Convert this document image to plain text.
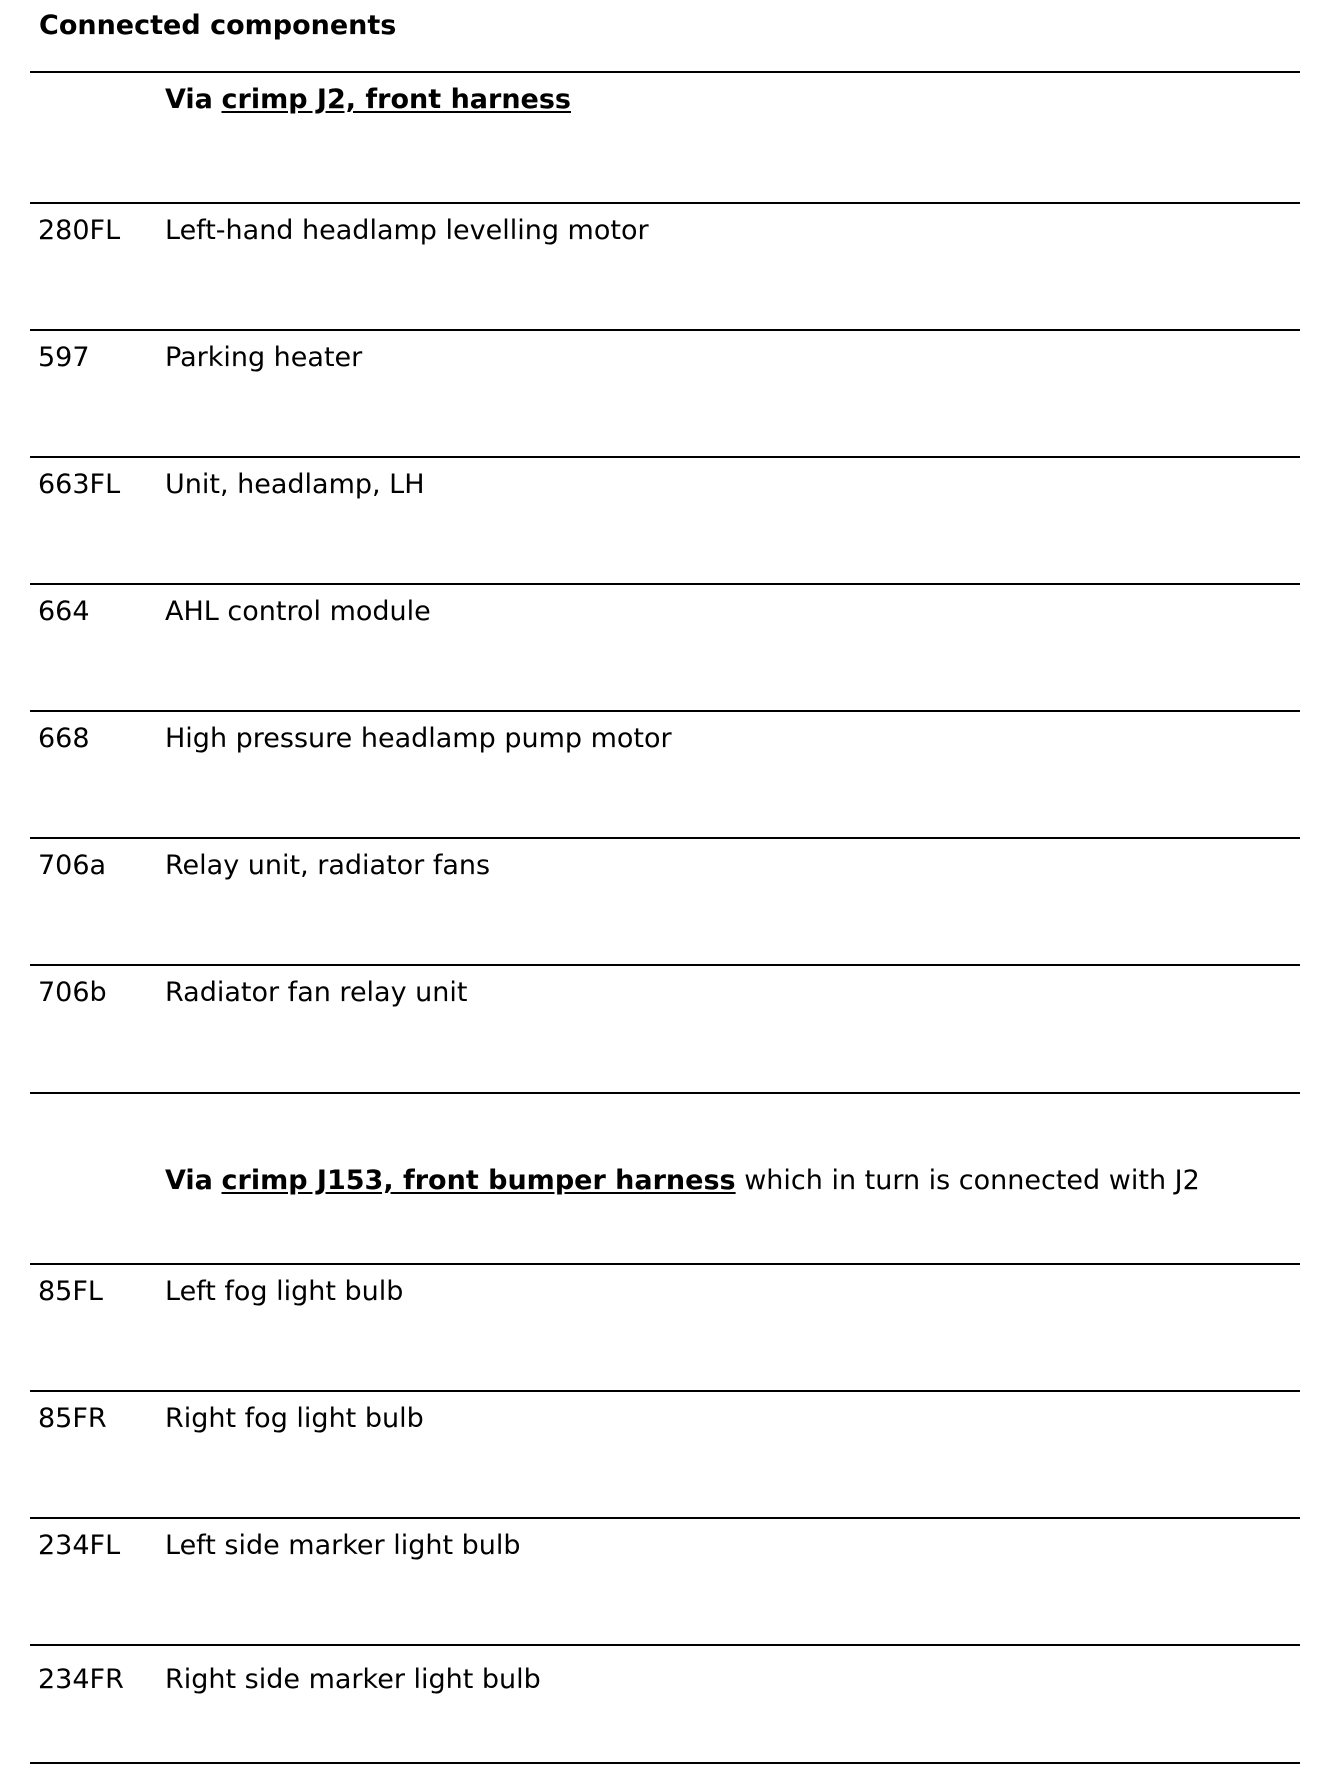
Connected components
Via crimp J2, front harness
280FL Left-hand headlamp levelling motor
597	Parking heater
663FL Unit, headlamp, LH
664	AHL control module
668	High pressure headlamp pump motor
706a Relay unit, radiator fans
706b Radiator fan relay unit
Via crimp J153, front bumper harness which in turn is connected with J2
85FL Left fog light bulb
85FR Right fog light bulb
234FL Left side marker light bulb
234FR Right side marker light bulb
